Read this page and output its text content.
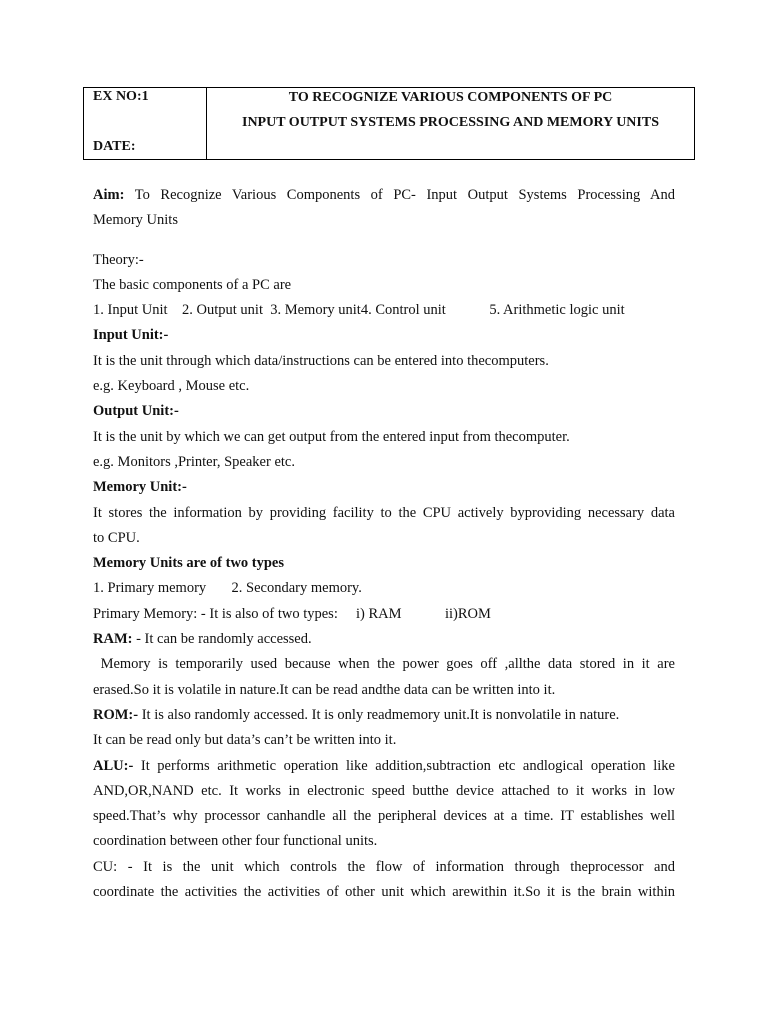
EX NO:1
DATE:
TO RECOGNIZE VARIOUS COMPONENTS OF PC
INPUT OUTPUT SYSTEMS PROCESSING AND MEMORY UNITS
Aim: To Recognize Various Components of PC- Input Output Systems Processing And
Memory Units
Theory:-
The basic components of a PC are
1. Input Unit    2. Output unit  3. Memory unit4. Control unit            5. Arithmetic logic unit
Input Unit:-
It is the unit through which data/instructions can be entered into thecomputers.
e.g. Keyboard , Mouse etc.
Output Unit:-
It is the unit by which we can get output from the entered input from thecomputer.
e.g. Monitors ,Printer, Speaker etc.
Memory Unit:-
It stores the information by providing facility to the CPU actively byproviding necessary data
to CPU.
Memory Units are of two types
1. Primary memory       2. Secondary memory.
Primary Memory: - It is also of two types:     i) RAM            ii)ROM
RAM: - It can be randomly accessed.
Memory is temporarily used because when the power goes off ,allthe data stored in it are
erased.So it is volatile in nature.It can be read andthe data can be written into it.
ROM:- It is also randomly accessed. It is only readmemory unit.It is nonvolatile in nature.
It can be read only but data’s can’t be written into it.
ALU:- It performs arithmetic operation like addition,subtraction etc andlogical operation like
AND,OR,NAND etc. It works in electronic speed butthe device attached to it works in low
speed.That’s why processor canhandle all the peripheral devices at a time. IT establishes well
coordination between other four functional units.
CU: - It is the unit which controls the flow of information through theprocessor and
coordinate the activities the activities of other unit which arewithin it.So it is the brain within
